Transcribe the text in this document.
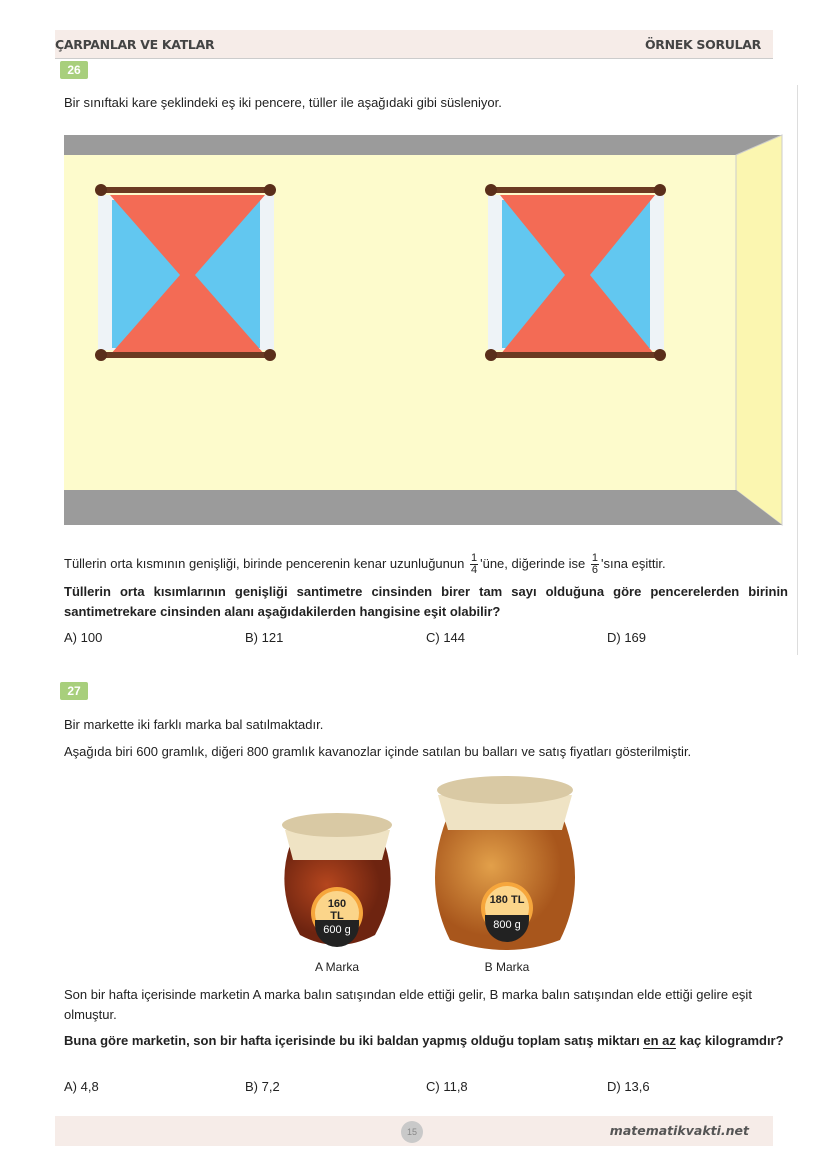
ÇARPANLAR VE KATLAR	ÖRNEK SORULAR
26
Bir sınıftaki kare şeklindeki eş iki pencere, tüller ile aşağıdaki gibi süsleniyor.
Tüllerin orta kısmının genişliği, birinde pencerenin kenar uzunluğunun $\frac{1}{4}$ 'üne, diğerinde ise $\frac{1}{6}$ 'sına eşittir.
Tüllerin orta kısımlarının genişliği santimetre cinsinden birer tam sayı olduğuna göre pencerelerden birinin santimetrekare cinsinden alanı aşağıdakilerden hangisine eşit olabilir?
A) 100	B) 121	C) 144	D) 169
27
Bir markette iki farklı marka bal satılmaktadır.
Aşağıda biri 600 gramlık, diğeri 800 gramlık kavanozlar içinde satılan bu balları ve satış fiyatları gösterilmiştir.
160 TL
600 g
A Marka
180 TL
800 g
B Marka
Son bir hafta içerisinde marketin A marka balın satışından elde ettiği gelir, B marka balın satışından elde ettiği gelire eşit olmuştur.
Buna göre marketin, son bir hafta içerisinde bu iki baldan yapmış olduğu toplam satış miktarı en az kaç kilogramdır?
A) 4,8	B) 7,2	C) 11,8	D) 13,6
15	matematikvakti.net
